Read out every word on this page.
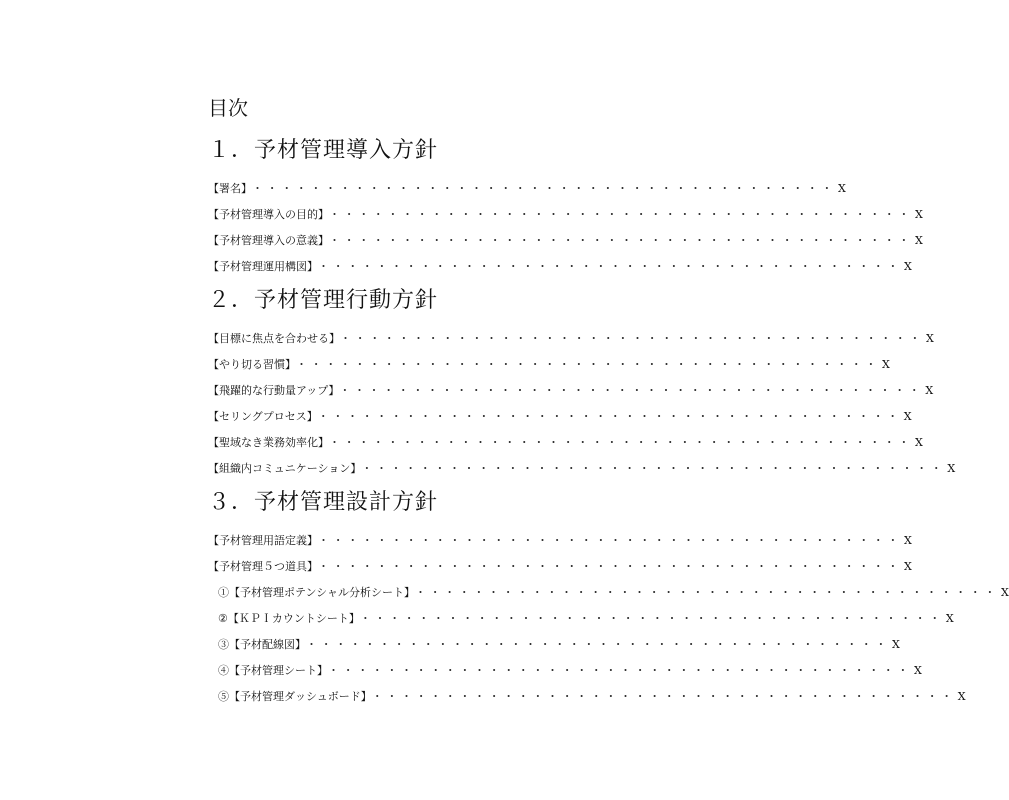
目次
１．予材管理導入方針
【署名】 ・・・・・・・・・・・・・・・・・・・・・・・・・・・・・・・・・・・・・・・・ X
【予材管理導入の目的】 ・・・・・・・・・・・・・・・・・・・・・・・・・・・・・・・・・・・・・・・・ X
【予材管理導入の意義】 ・・・・・・・・・・・・・・・・・・・・・・・・・・・・・・・・・・・・・・・・ X
【予材管理運用構図】 ・・・・・・・・・・・・・・・・・・・・・・・・・・・・・・・・・・・・・・・・ X
２．予材管理行動方針
【目標に焦点を合わせる】 ・・・・・・・・・・・・・・・・・・・・・・・・・・・・・・・・・・・・・・・・ X
【やり切る習慣】 ・・・・・・・・・・・・・・・・・・・・・・・・・・・・・・・・・・・・・・・・ X
【飛躍的な行動量アップ】 ・・・・・・・・・・・・・・・・・・・・・・・・・・・・・・・・・・・・・・・・ X
【セリングプロセス】 ・・・・・・・・・・・・・・・・・・・・・・・・・・・・・・・・・・・・・・・・ X
【聖域なき業務効率化】 ・・・・・・・・・・・・・・・・・・・・・・・・・・・・・・・・・・・・・・・・ X
【組織内コミュニケーション】 ・・・・・・・・・・・・・・・・・・・・・・・・・・・・・・・・・・・・・・・・ X
３．予材管理設計方針
【予材管理用語定義】 ・・・・・・・・・・・・・・・・・・・・・・・・・・・・・・・・・・・・・・・・ X
【予材管理５つ道具】 ・・・・・・・・・・・・・・・・・・・・・・・・・・・・・・・・・・・・・・・・ X
①【予材管理ポテンシャル分析シート】 ・・・・・・・・・・・・・・・・・・・・・・・・・・・・・・・・・・・・・・・・ X
②【ＫＰＩカウントシート】 ・・・・・・・・・・・・・・・・・・・・・・・・・・・・・・・・・・・・・・・・ X
③【予材配線図】 ・・・・・・・・・・・・・・・・・・・・・・・・・・・・・・・・・・・・・・・・ X
④【予材管理シート】 ・・・・・・・・・・・・・・・・・・・・・・・・・・・・・・・・・・・・・・・・ X
⑤【予材管理ダッシュボード】 ・・・・・・・・・・・・・・・・・・・・・・・・・・・・・・・・・・・・・・・・ X
